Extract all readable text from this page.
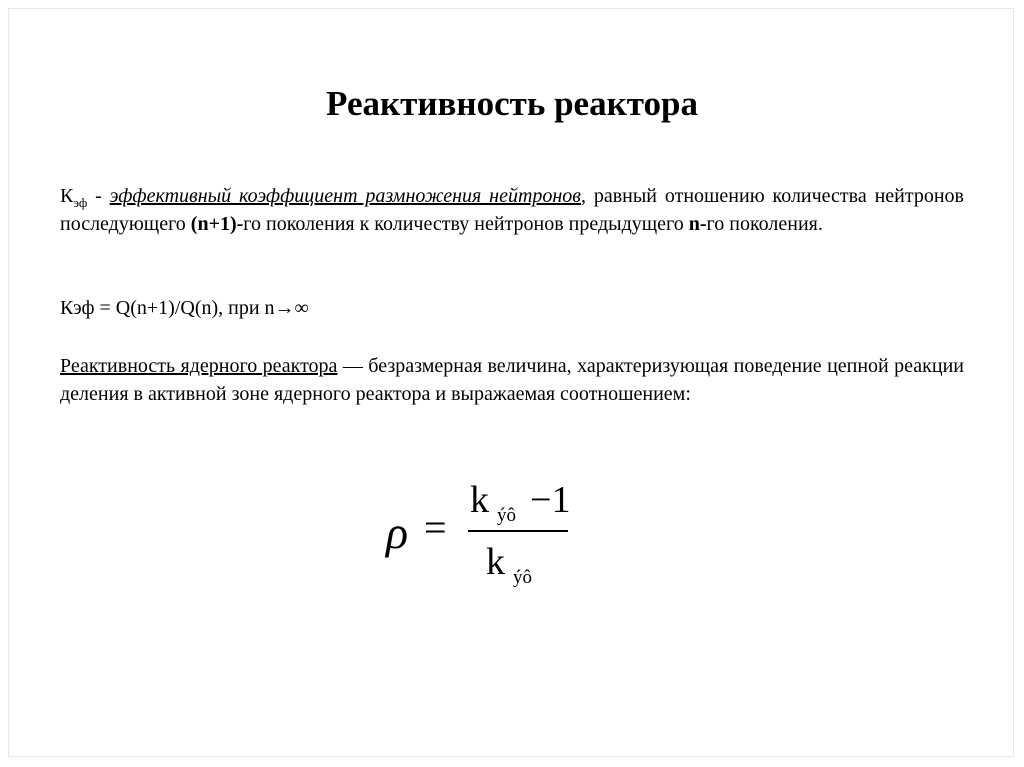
Реактивность реактора
$К_{эф}$ - эффективный коэффициент размножения нейтронов, равный отношению количества нейтронов последующего (n+1)-го поколения к количеству нейтронов предыдущего n-го поколения.
Кэф = Q(n+1)/Q(n), при n→∞
Реактивность ядерного реактора — безразмерная величина, характеризующая поведение цепной реакции деления в активной зоне ядерного реактора и выражаемая соотношением:
ρ =
k $_{ýô}$ −1
k $_{ýô}$
